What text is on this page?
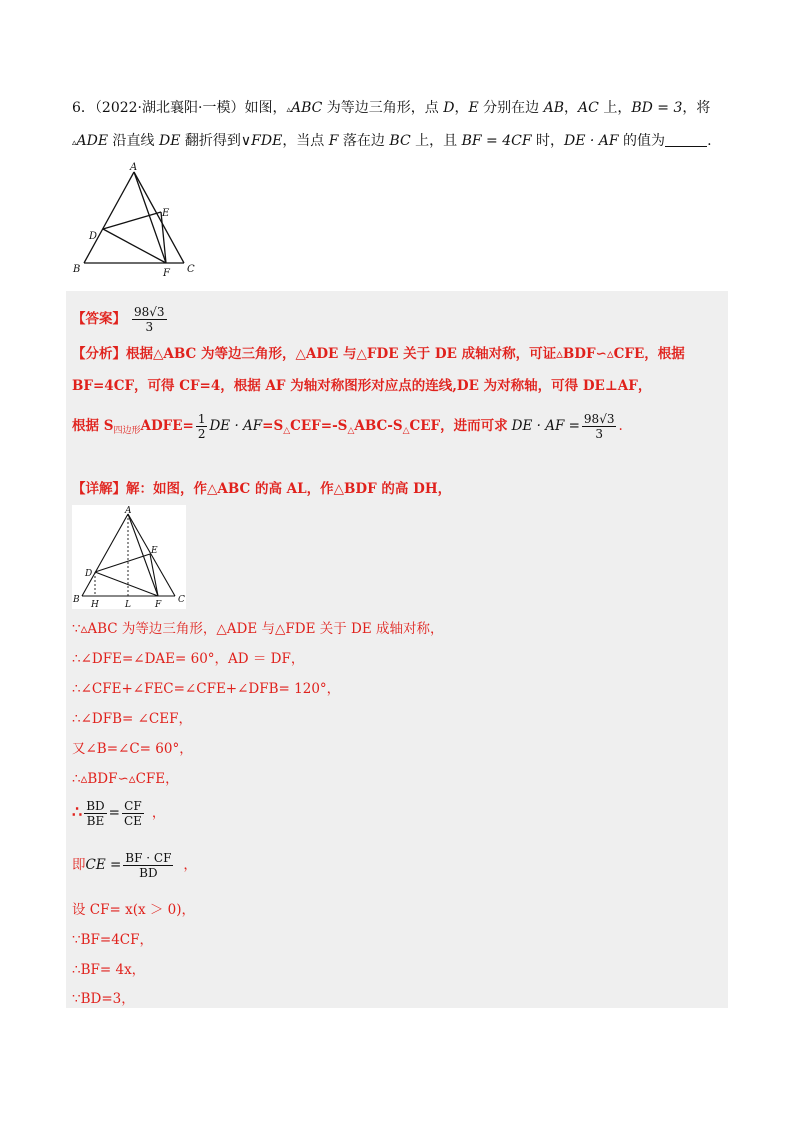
6．（2022·湖北襄阳·一模）如图，▵ABC 为等边三角形，点 D，E 分别在边 AB，AC 上，BD = 3，将
▵ADE 沿直线 DE 翻折得到∨FDE，当点 F 落在边 BC 上，且 BF = 4CF 时，DE · AF 的值为	.
A
B	C
D
E
F
【答案】 $\frac{98√3}{3}$
【分析】根据△ABC 为等边三角形，△ADE 与△FDE 关于 DE 成轴对称，可证▵BDF∽▵CFE，根据
BF=4CF，可得 CF=4，根据 AF 为轴对称图形对应点的连线,DE 为对称轴，可得 DE⊥AF，
根据 $S_{四边形}ADFE= \frac{1}{2}$ DE · $AF=S_\triangle CEF=-S_\triangle ABC-S_\triangle CEF$，进而可求 DE · AF = $\frac{98√3}{3}$ .
【详解】解：如图，作△ABC 的高 AL，作△BDF 的高 DH，
A
B	C
D
E
F
H	L
∵▵ABC 为等边三角形，△ADE 与△FDE 关于 DE 成轴对称，
∴∠DFE=∠DAE= 60°，AD ＝ DF，
∴∠CFE+∠FEC=∠CFE+∠DFB= 120°，
∴∠DFB= ∠CEF，
又∠B=∠C= 60°，
∴▵BDF∽▵CFE，
∴ $\frac{BD}{BE} = \frac{CF}{CE}$ ，
即CE = $\frac{BF \cdot CF}{BD}$ ，
设 CF= x(x ＞ 0)，
∵BF=4CF，
∴BF= 4x，
∵BD=3，
